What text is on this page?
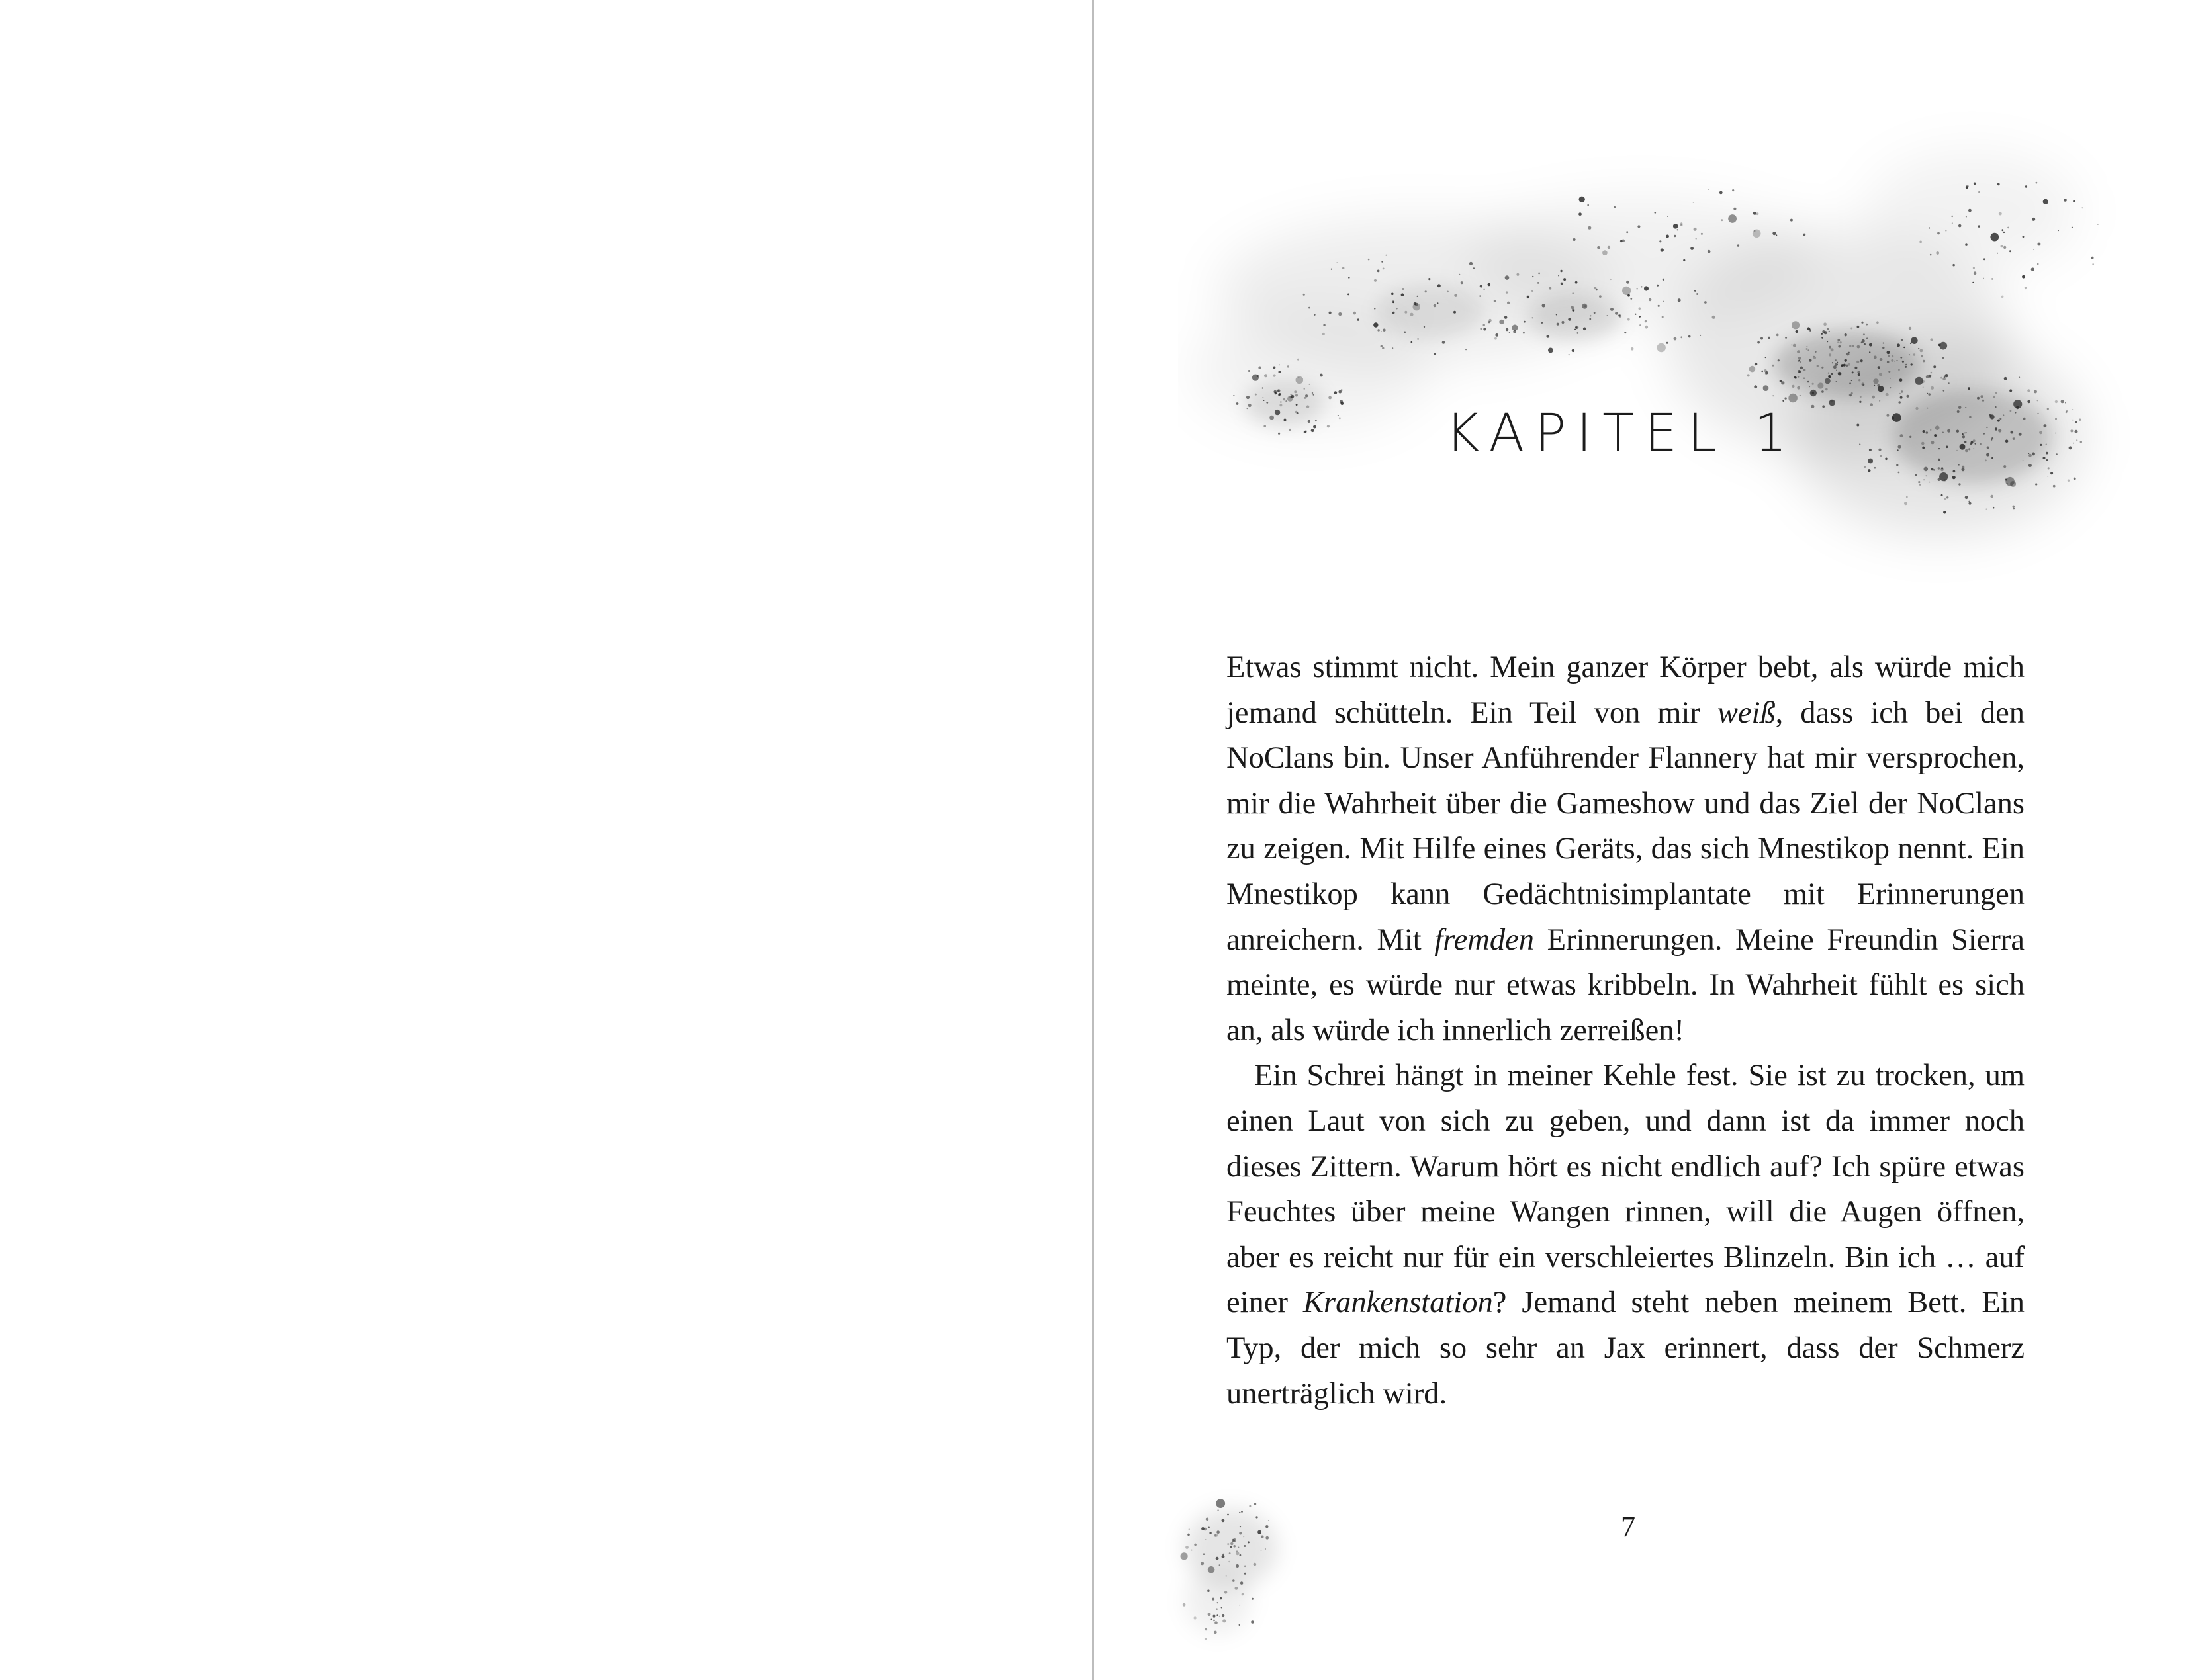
KAPITEL 1

Etwas stimmt nicht. Mein ganzer Körper bebt, als würde mich jemand schütteln. Ein Teil von mir weiß, dass ich bei den NoClans bin. Unser Anführender Flannery hat mir versprochen, mir die Wahrheit über die Gameshow und das Ziel der NoClans zu zeigen. Mit Hilfe eines Geräts, das sich Mnestikop nennt. Ein Mnestikop kann Gedächtnisimplantate mit Erinnerungen anreichern. Mit fremden Erinnerungen. Meine Freundin Sierra meinte, es würde nur etwas kribbeln. In Wahrheit fühlt es sich an, als würde ich innerlich zerreißen!

Ein Schrei hängt in meiner Kehle fest. Sie ist zu trocken, um einen Laut von sich zu geben, und dann ist da immer noch dieses Zittern. Warum hört es nicht endlich auf? Ich spüre etwas Feuchtes über meine Wangen rinnen, will die Augen öffnen, aber es reicht nur für ein verschleiertes Blinzeln. Bin ich … auf einer Krankenstation? Jemand steht neben meinem Bett. Ein Typ, der mich so sehr an Jax erinnert, dass der Schmerz unerträglich wird.

7
